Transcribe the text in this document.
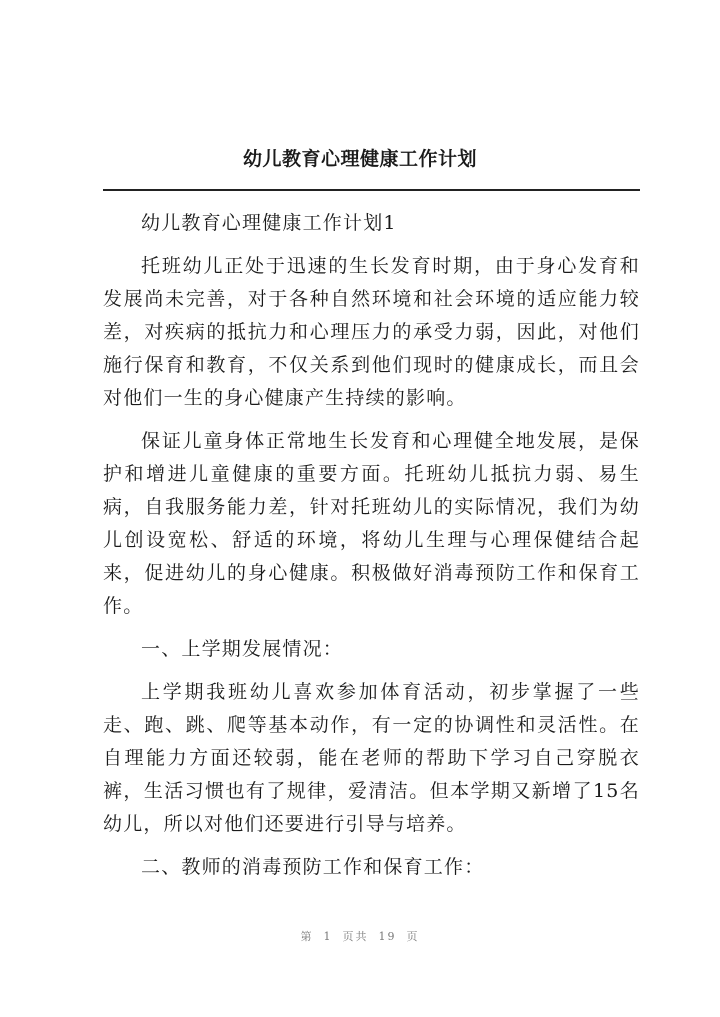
幼儿教育心理健康工作计划

幼儿教育心理健康工作计划1

托班幼儿正处于迅速的生长发育时期，由于身心发育和发展尚未完善，对于各种自然环境和社会环境的适应能力较差，对疾病的抵抗力和心理压力的承受力弱，因此，对他们施行保育和教育，不仅关系到他们现时的健康成长，而且会对他们一生的身心健康产生持续的影响。

保证儿童身体正常地生长发育和心理健全地发展，是保护和增进儿童健康的重要方面。托班幼儿抵抗力弱、易生病，自我服务能力差，针对托班幼儿的实际情况，我们为幼儿创设宽松、舒适的环境，将幼儿生理与心理保健结合起来，促进幼儿的身心健康。积极做好消毒预防工作和保育工作。

一、上学期发展情况：

上学期我班幼儿喜欢参加体育活动，初步掌握了一些走、跑、跳、爬等基本动作，有一定的协调性和灵活性。在自理能力方面还较弱，能在老师的帮助下学习自己穿脱衣裤，生活习惯也有了规律，爱清洁。但本学期又新增了15名幼儿，所以对他们还要进行引导与培养。

二、教师的消毒预防工作和保育工作：

第 1 页共 19 页
